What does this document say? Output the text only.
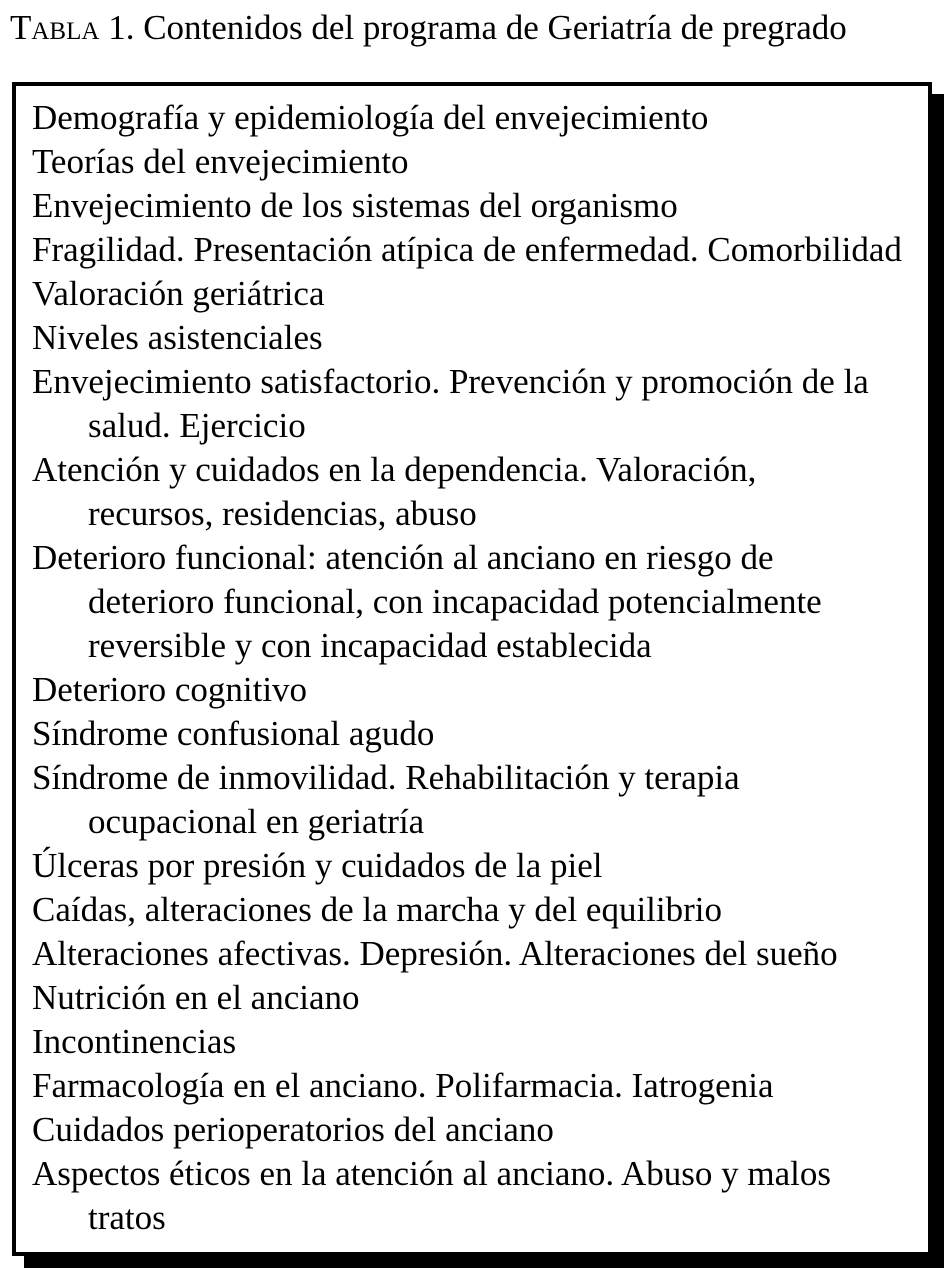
Tabla 1. Contenidos del programa de Geriatría de pregrado
Demografía y epidemiología del envejecimiento
Teorías del envejecimiento
Envejecimiento de los sistemas del organismo
Fragilidad. Presentación atípica de enfermedad. Comorbilidad
Valoración geriátrica
Niveles asistenciales
Envejecimiento satisfactorio. Prevención y promoción de la
salud. Ejercicio
Atención y cuidados en la dependencia. Valoración,
recursos, residencias, abuso
Deterioro funcional: atención al anciano en riesgo de
deterioro funcional, con incapacidad potencialmente
reversible y con incapacidad establecida
Deterioro cognitivo
Síndrome confusional agudo
Síndrome de inmovilidad. Rehabilitación y terapia
ocupacional en geriatría
Úlceras por presión y cuidados de la piel
Caídas, alteraciones de la marcha y del equilibrio
Alteraciones afectivas. Depresión. Alteraciones del sueño
Nutrición en el anciano
Incontinencias
Farmacología en el anciano. Polifarmacia. Iatrogenia
Cuidados perioperatorios del anciano
Aspectos éticos en la atención al anciano. Abuso y malos
tratos
